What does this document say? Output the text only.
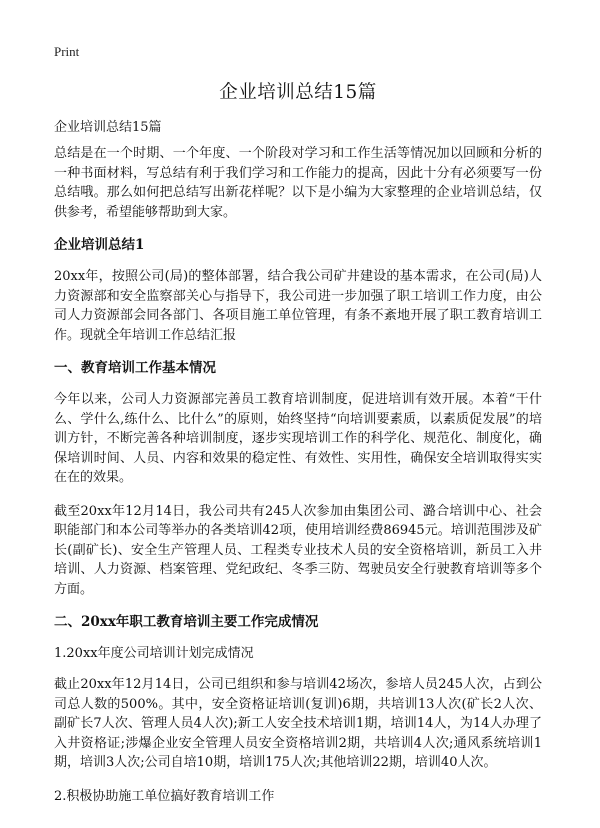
Print
企业培训总结15篇

企业培训总结15篇

总结是在一个时期、一个年度、一个阶段对学习和工作生活等情况加以回顾和分析的一种书面材料，写总结有利于我们学习和工作能力的提高，因此十分有必须要写一份总结哦。那么如何把总结写出新花样呢？以下是小编为大家整理的企业培训总结，仅供参考，希望能够帮助到大家。

企业培训总结1

20xx年，按照公司(局)的整体部署，结合我公司矿井建设的基本需求，在公司(局)人力资源部和安全监察部关心与指导下，我公司进一步加强了职工培训工作力度，由公司人力资源部会同各部门、各项目施工单位管理，有条不紊地开展了职工教育培训工作。现就全年培训工作总结汇报

一、教育培训工作基本情况

今年以来，公司人力资源部完善员工教育培训制度，促进培训有效开展。本着“干什么、学什么,练什么、比什么”的原则，始终坚持“向培训要素质，以素质促发展”的培训方针，不断完善各种培训制度，逐步实现培训工作的科学化、规范化、制度化，确保培训时间、人员、内容和效果的稳定性、有效性、实用性，确保安全培训取得实实在在的效果。

截至20xx年12月14日，我公司共有245人次参加由集团公司、潞合培训中心、社会职能部门和本公司等举办的各类培训42项，使用培训经费86945元。培训范围涉及矿长(副矿长)、安全生产管理人员、工程类专业技术人员的安全资格培训，新员工入井培训、人力资源、档案管理、党纪政纪、冬季三防、驾驶员安全行驶教育培训等多个方面。

二、20xx年职工教育培训主要工作完成情况
1.20xx年度公司培训计划完成情况

截止20xx年12月14日，公司已组织和参与培训42场次，参培人员245人次，占到公司总人数的500%。其中，安全资格证培训(复训)6期，共培训13人次(矿长2人次、副矿长7人次、管理人员4人次);新工人安全技术培训1期，培训14人，为14人办理了入井资格证;涉爆企业安全管理人员安全资格培训2期，共培训4人次;通风系统培训1期，培训3人次;公司自培10期，培训175人次;其他培训22期，培训40人次。

2.积极协助施工单位搞好教育培训工作
